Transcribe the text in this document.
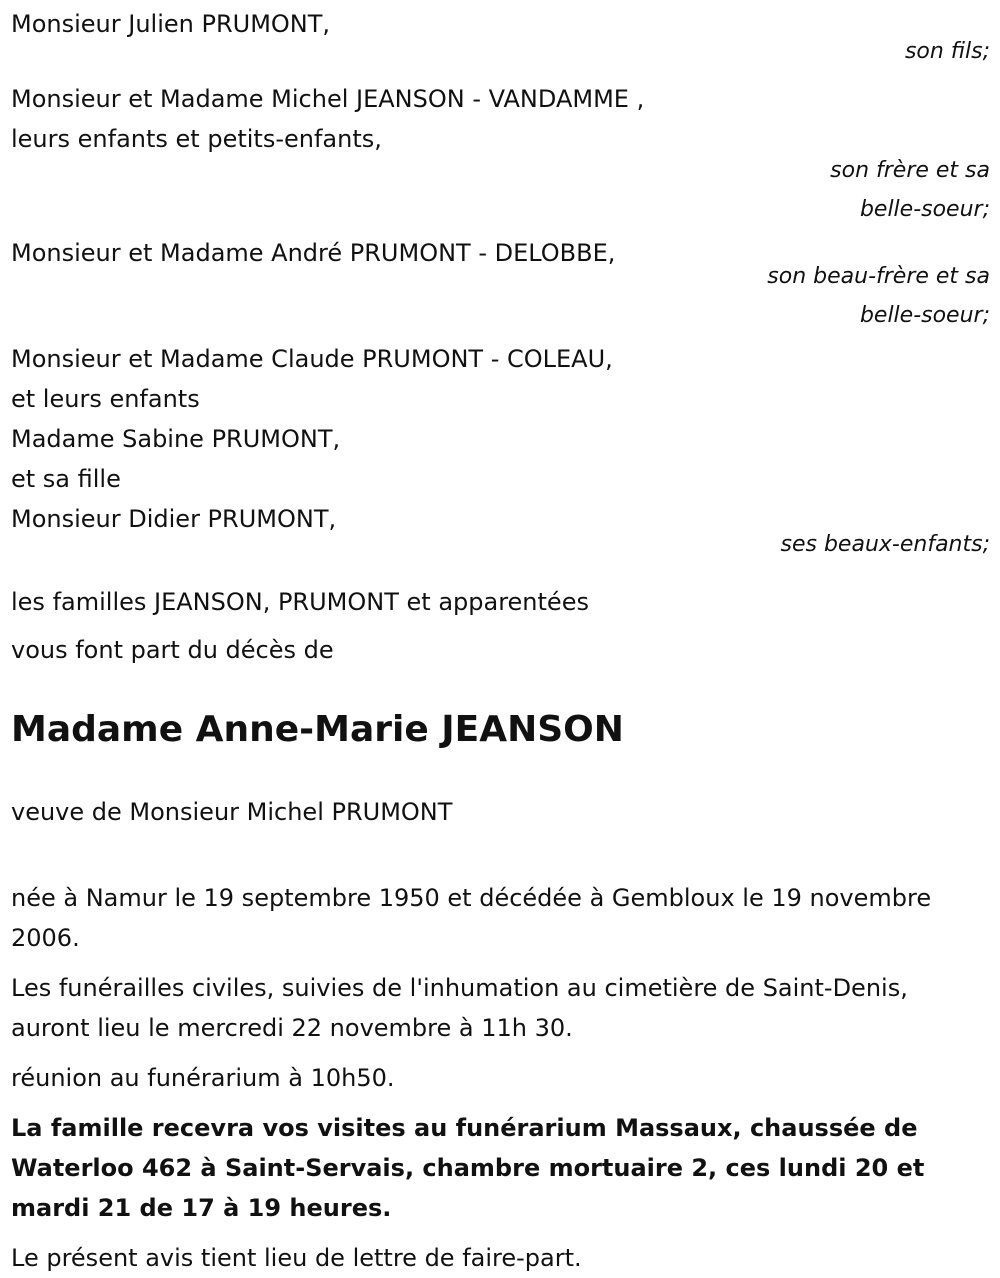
Monsieur Julien PRUMONT,
son fils;
Monsieur et Madame Michel JEANSON - VANDAMME ,
leurs enfants et petits-enfants,
son frère et sa
belle-soeur;
Monsieur et Madame André PRUMONT - DELOBBE,
son beau-frère et sa
belle-soeur;
Monsieur et Madame Claude PRUMONT - COLEAU,
et leurs enfants
Madame Sabine PRUMONT,
et sa fille
Monsieur Didier PRUMONT,
ses beaux-enfants;
les familles JEANSON, PRUMONT et apparentées
vous font part du décès de
Madame Anne-Marie JEANSON
veuve de Monsieur Michel PRUMONT
née à Namur le 19 septembre 1950 et décédée à Gembloux le 19 novembre 2006.
Les funérailles civiles, suivies de l'inhumation au cimetière de Saint-Denis, auront lieu le mercredi 22 novembre à 11h 30.
réunion au funérarium à 10h50.
La famille recevra vos visites au funérarium Massaux, chaussée de Waterloo 462 à Saint-Servais, chambre mortuaire 2, ces lundi 20 et mardi 21 de 17 à 19 heures.
Le présent avis tient lieu de lettre de faire-part.
